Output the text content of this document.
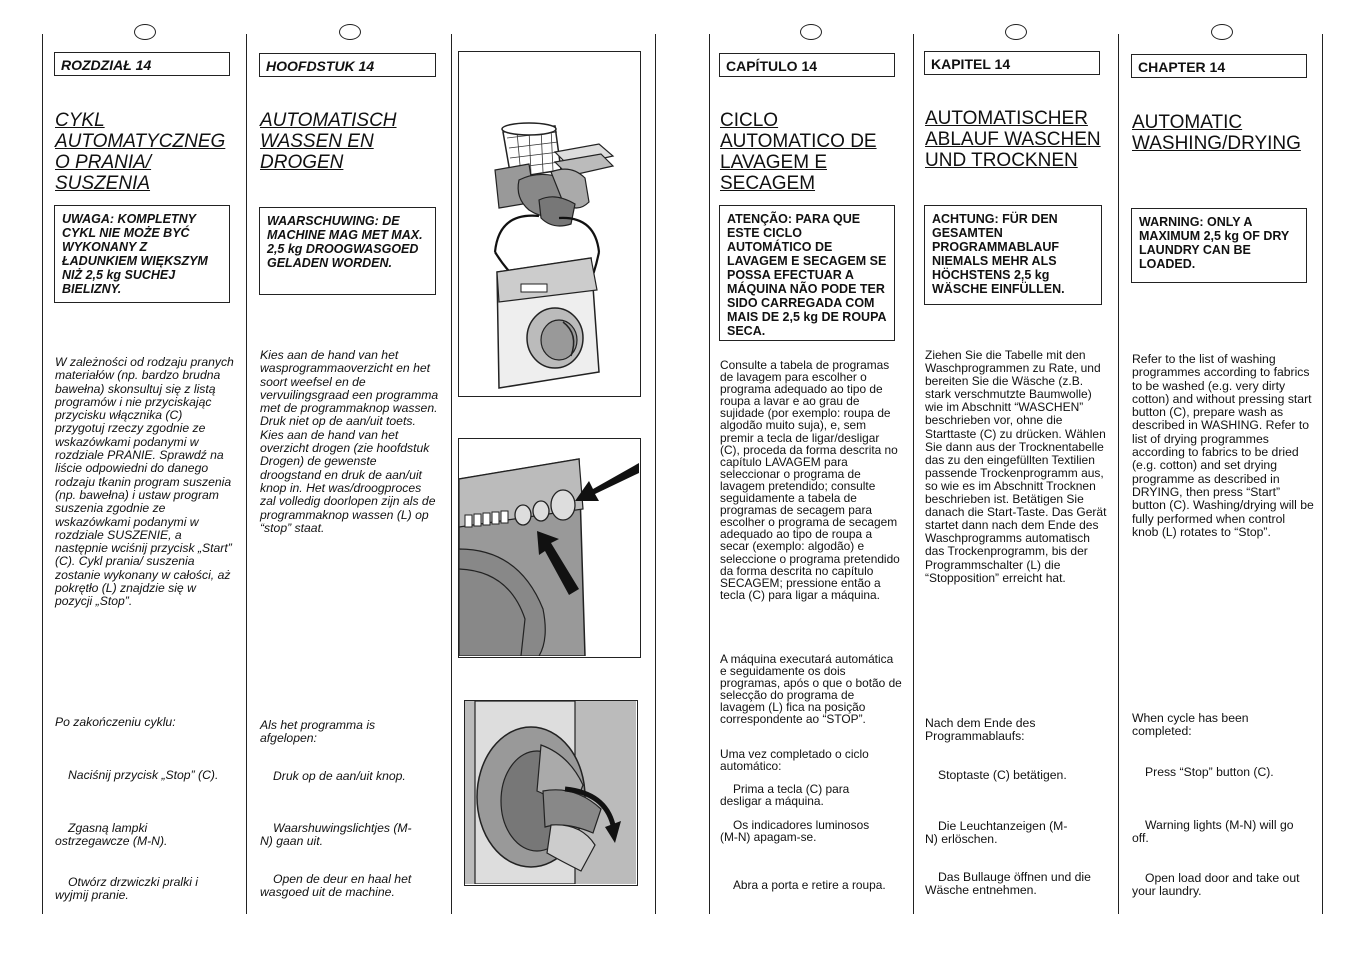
ROZDZIAŁ 14
CYKL AUTOMATYCZNEG O PRANIA/ SUSZENIA
UWAGA: KOMPLETNY CYKL NIE MOŻE BYĆ WYKONANY Z ŁADUNKIEM WIĘKSZYM NIŻ 2,5 kg SUCHEJ BIELIZNY.
W zależności od rodzaju pranych materiałów (np. bardzo brudna bawełna) skonsultuj się z listą programów i nie przyciskając przycisku włącznika (C) przygotuj rzeczy zgodnie ze wskazówkami podanymi w rozdziale PRANIE. Sprawdź na liście odpowiedni do danego rodzaju tkanin program suszenia (np. bawełna) i ustaw program suszenia zgodnie ze wskazówkami podanymi w rozdziale SUSZENIE, a następnie wciśnij przycisk „Start” (C). Cykl prania/ suszenia zostanie wykonany w całości, aż pokrętło (L) znajdzie się w pozycji „Stop”.
Po zakończeniu cyklu:
Naciśnij przycisk „Stop” (C).
Zgasną lampki ostrzegawcze (M-N).
Otwórz drzwiczki pralki i wyjmij pranie.
HOOFDSTUK 14
AUTOMATISCH WASSEN EN DROGEN
WAARSCHUWING: DE MACHINE MAG MET MAX. 2,5 kg DROOGWASGOED GELADEN WORDEN.
Kies aan de hand van het wasprogrammaoverzicht en het soort weefsel en de vervuilingsgraad een programma met de programmaknop wassen. Druk niet op de aan/uit toets. Kies aan de hand van het overzicht drogen (zie hoofdstuk Drogen) de gewenste droogstand en druk de aan/uit knop in. Het was/droogproces zal volledig doorlopen zijn als de programmaknop wassen (L) op “stop” staat.
Als het programma is afgelopen:
Druk op de aan/uit knop.
Waarshuwingslichtjes (M-N) gaan uit.
Open de deur en haal het wasgoed uit de machine.
CAPÍTULO 14
CICLO AUTOMATICO DE LAVAGEM E SECAGEM
ATENÇÃO: PARA QUE ESTE CICLO AUTOMÁTICO DE LAVAGEM E SECAGEM SE POSSA EFECTUAR A MÁQUINA NÃO PODE TER SIDO CARREGADA COM MAIS DE 2,5 kg DE ROUPA SECA.
Consulte a tabela de programas de lavagem para escolher o programa adequado ao tipo de roupa a lavar e ao grau de sujidade (por exemplo: roupa de algodão muito suja), e, sem premir a tecla de ligar/desligar (C), proceda da forma descrita no capítulo LAVAGEM para seleccionar o programa de lavagem pretendido; consulte seguidamente a tabela de programas de secagem para escolher o programa de secagem adequado ao tipo de roupa a secar (exemplo: algodão) e seleccione o programa pretendido da forma descrita no capítulo SECAGEM; pressione então a tecla (C) para ligar a máquina.
A máquina executará automática e seguidamente os dois programas, após o que o botão de selecção do programa de lavagem (L) fica na posição correspondente ao “STOP”.
Uma vez completado o ciclo automático:
Prima a tecla (C) para desligar a máquina.
Os indicadores luminosos (M-N) apagam-se.
Abra a porta e retire a roupa.
KAPITEL 14
AUTOMATISCHER ABLAUF WASCHEN UND TROCKNEN
ACHTUNG: FÜR DEN GESAMTEN PROGRAMMABLAUF NIEMALS MEHR ALS HÖCHSTENS 2,5 kg WÄSCHE EINFÜLLEN.
Ziehen Sie die Tabelle mit den Waschprogrammen zu Rate, und bereiten Sie die Wäsche (z.B. stark verschmutzte Baumwolle) wie im Abschnitt “WASCHEN” beschrieben vor, ohne die Starttaste (C) zu drücken. Wählen Sie dann aus der Trocknentabelle das zu den eingefüllten Textilien passende Trockenprogramm aus, so wie es im Abschnitt Trocknen beschrieben ist. Betätigen Sie danach die Start-Taste. Das Gerät startet dann nach dem Ende des Waschprogramms automatisch das Trockenprogramm, bis der Programmschalter (L) die “Stopposition” erreicht hat.
Nach dem Ende des Programmablaufs:
Stoptaste (C) betätigen.
Die Leuchtanzeigen (M-N) erlöschen.
Das Bullauge öffnen und die Wäsche entnehmen.
CHAPTER 14
AUTOMATIC WASHING/DRYING
WARNING: ONLY A MAXIMUM 2,5 kg OF DRY LAUNDRY CAN BE LOADED.
Refer to the list of washing programmes according to fabrics to be washed (e.g. very dirty cotton) and without pressing start button (C), prepare wash as described in WASHING. Refer to list of drying programmes according to fabrics to be dried (e.g. cotton) and set drying programme as described in DRYING, then press “Start” button (C). Washing/drying will be fully performed when control knob (L) rotates to “Stop”.
When cycle has been completed:
Press “Stop” button (C).
Warning lights (M-N) will go off.
Open load door and take out your laundry.
